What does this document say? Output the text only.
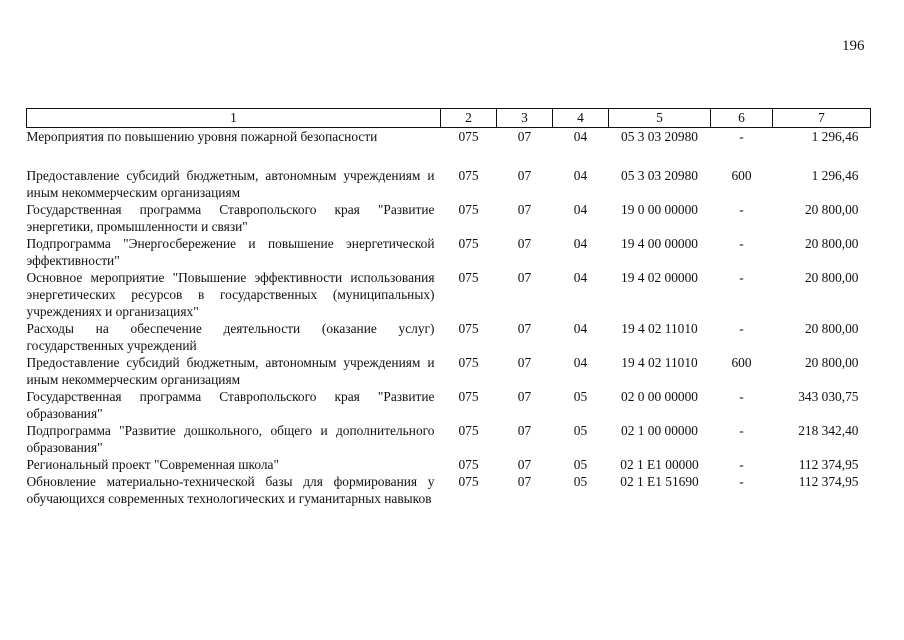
196
1	2	3	4	5	6	7
Мероприятия по повышению уровня пожарной безопасности	075	07	04	05 3 03 20980	-	1 296,46

Предоставление субсидий бюджетным, автономным учреждениям и иным некоммерческим организациям	075	07	04	05 3 03 20980	600	1 296,46
Государственная программа Ставропольского края "Развитие энергетики, промышленности и связи"	075	07	04	19 0 00 00000	-	20 800,00
Подпрограмма "Энергосбережение и повышение энергетической эффективности"	075	07	04	19 4 00 00000	-	20 800,00
Основное мероприятие "Повышение эффективности использования энергетических ресурсов в государственных (муниципальных) учреждениях и организациях"	075	07	04	19 4 02 00000	-	20 800,00
Расходы на обеспечение деятельности (оказание услуг) государственных учреждений	075	07	04	19 4 02 11010	-	20 800,00
Предоставление субсидий бюджетным, автономным учреждениям и иным некоммерческим организациям	075	07	04	19 4 02 11010	600	20 800,00
Государственная программа Ставропольского края "Развитие образования"	075	07	05	02 0 00 00000	-	343 030,75
Подпрограмма "Развитие дошкольного, общего и дополнительного образования"	075	07	05	02 1 00 00000	-	218 342,40
Региональный проект "Современная школа"	075	07	05	02 1 E1 00000	-	112 374,95
Обновление материально-технической базы для формирования у обучающихся современных технологических и гуманитарных навыков	075	07	05	02 1 E1 51690	-	112 374,95
